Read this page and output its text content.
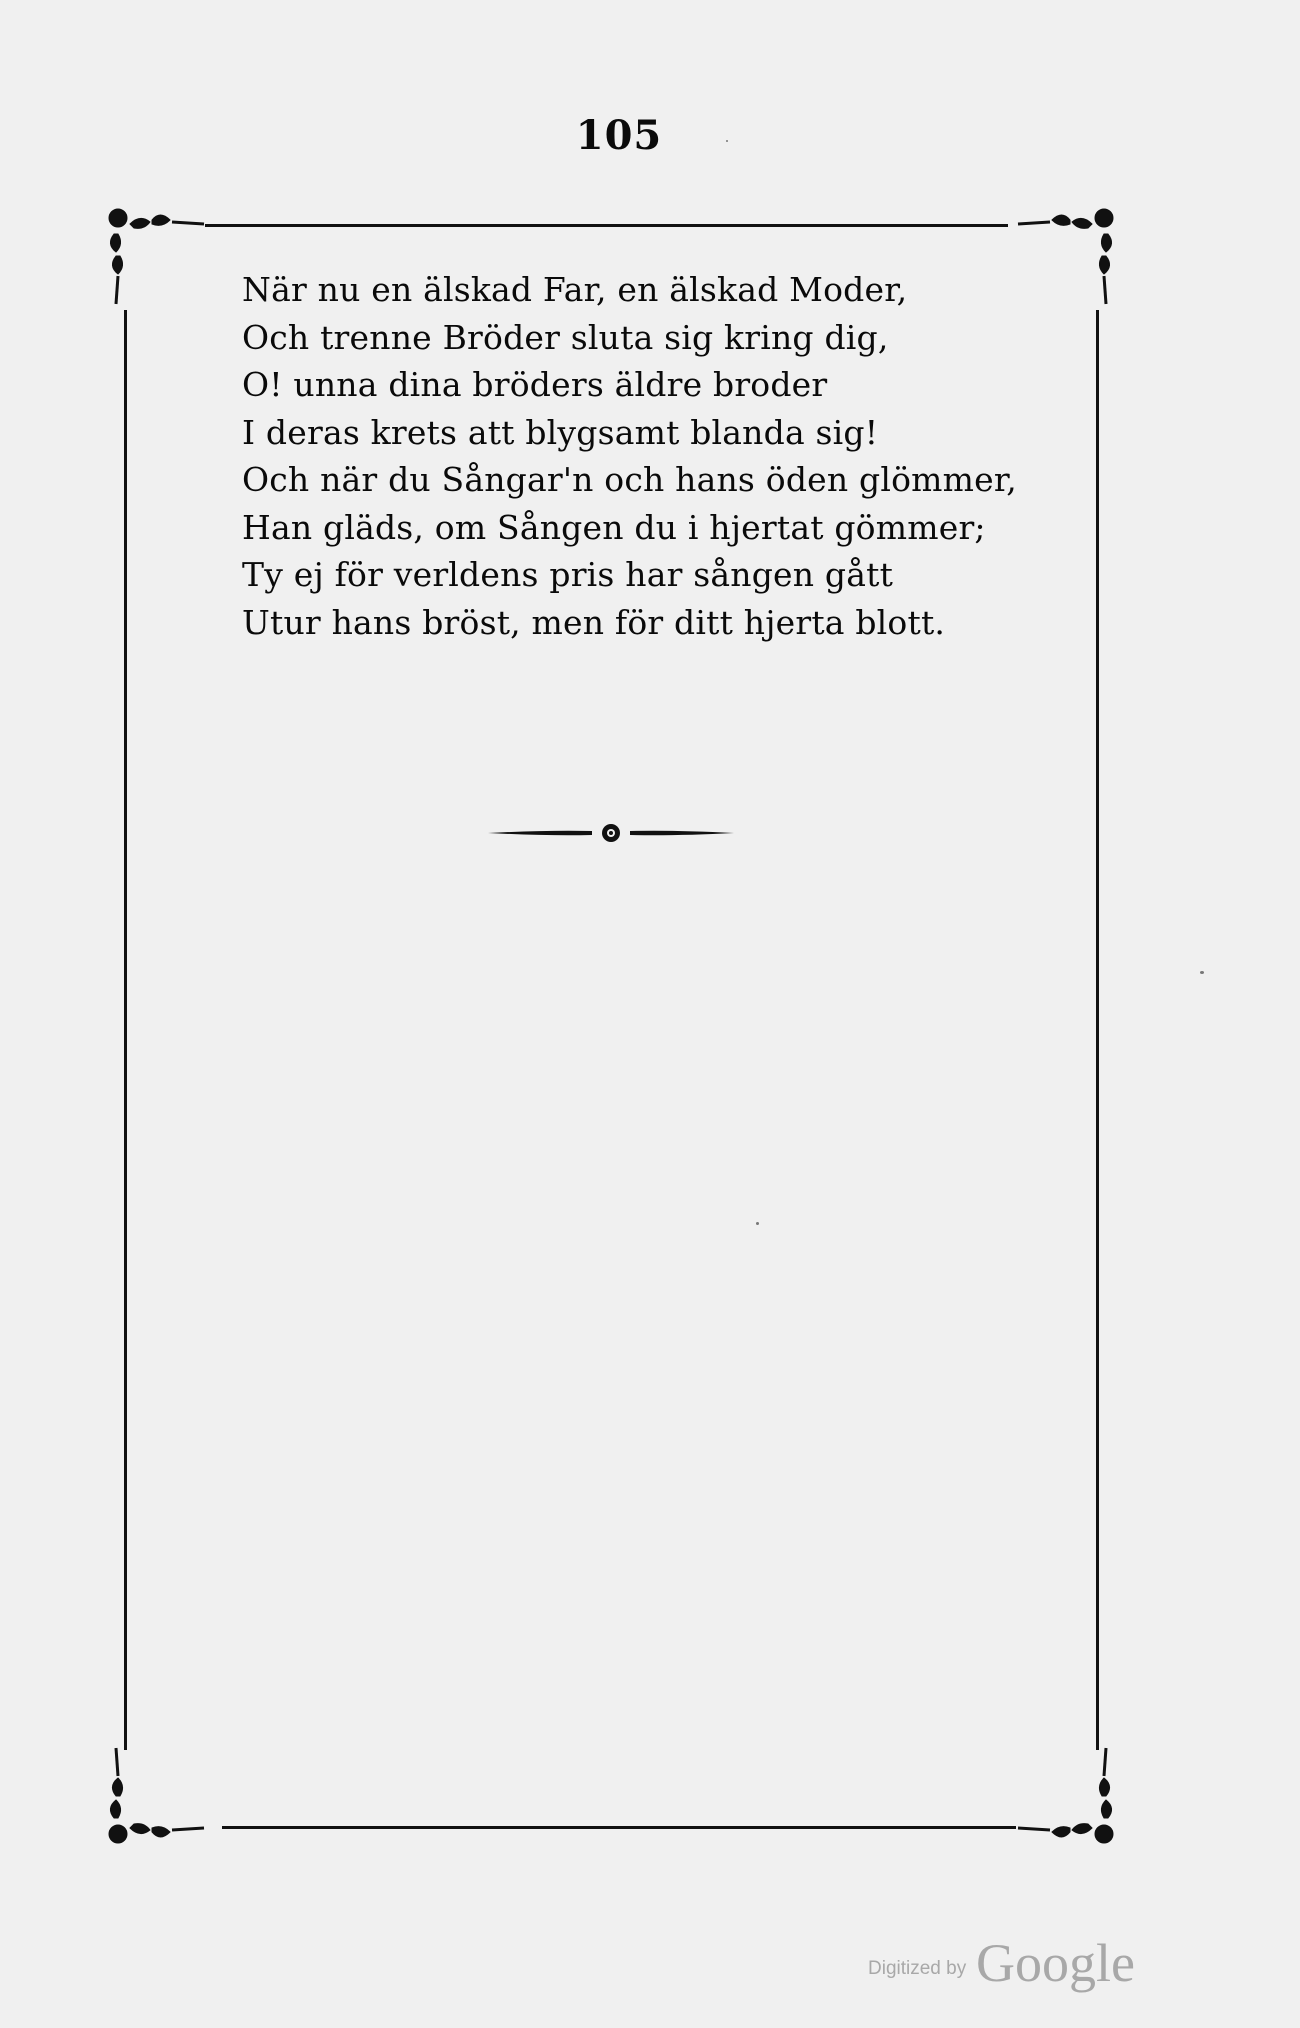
105
När nu en älskad Far, en älskad Moder,
Och trenne Bröder sluta sig kring dig,
O! unna dina bröders äldre broder
I deras krets att blygsamt blanda sig!
Och när du Sångar'n och hans öden glömmer,
Han gläds, om Sången du i hjertat gömmer;
Ty ej för verldens pris har sången gått
Utur hans bröst, men för ditt hjerta blott.
Digitized by Google
